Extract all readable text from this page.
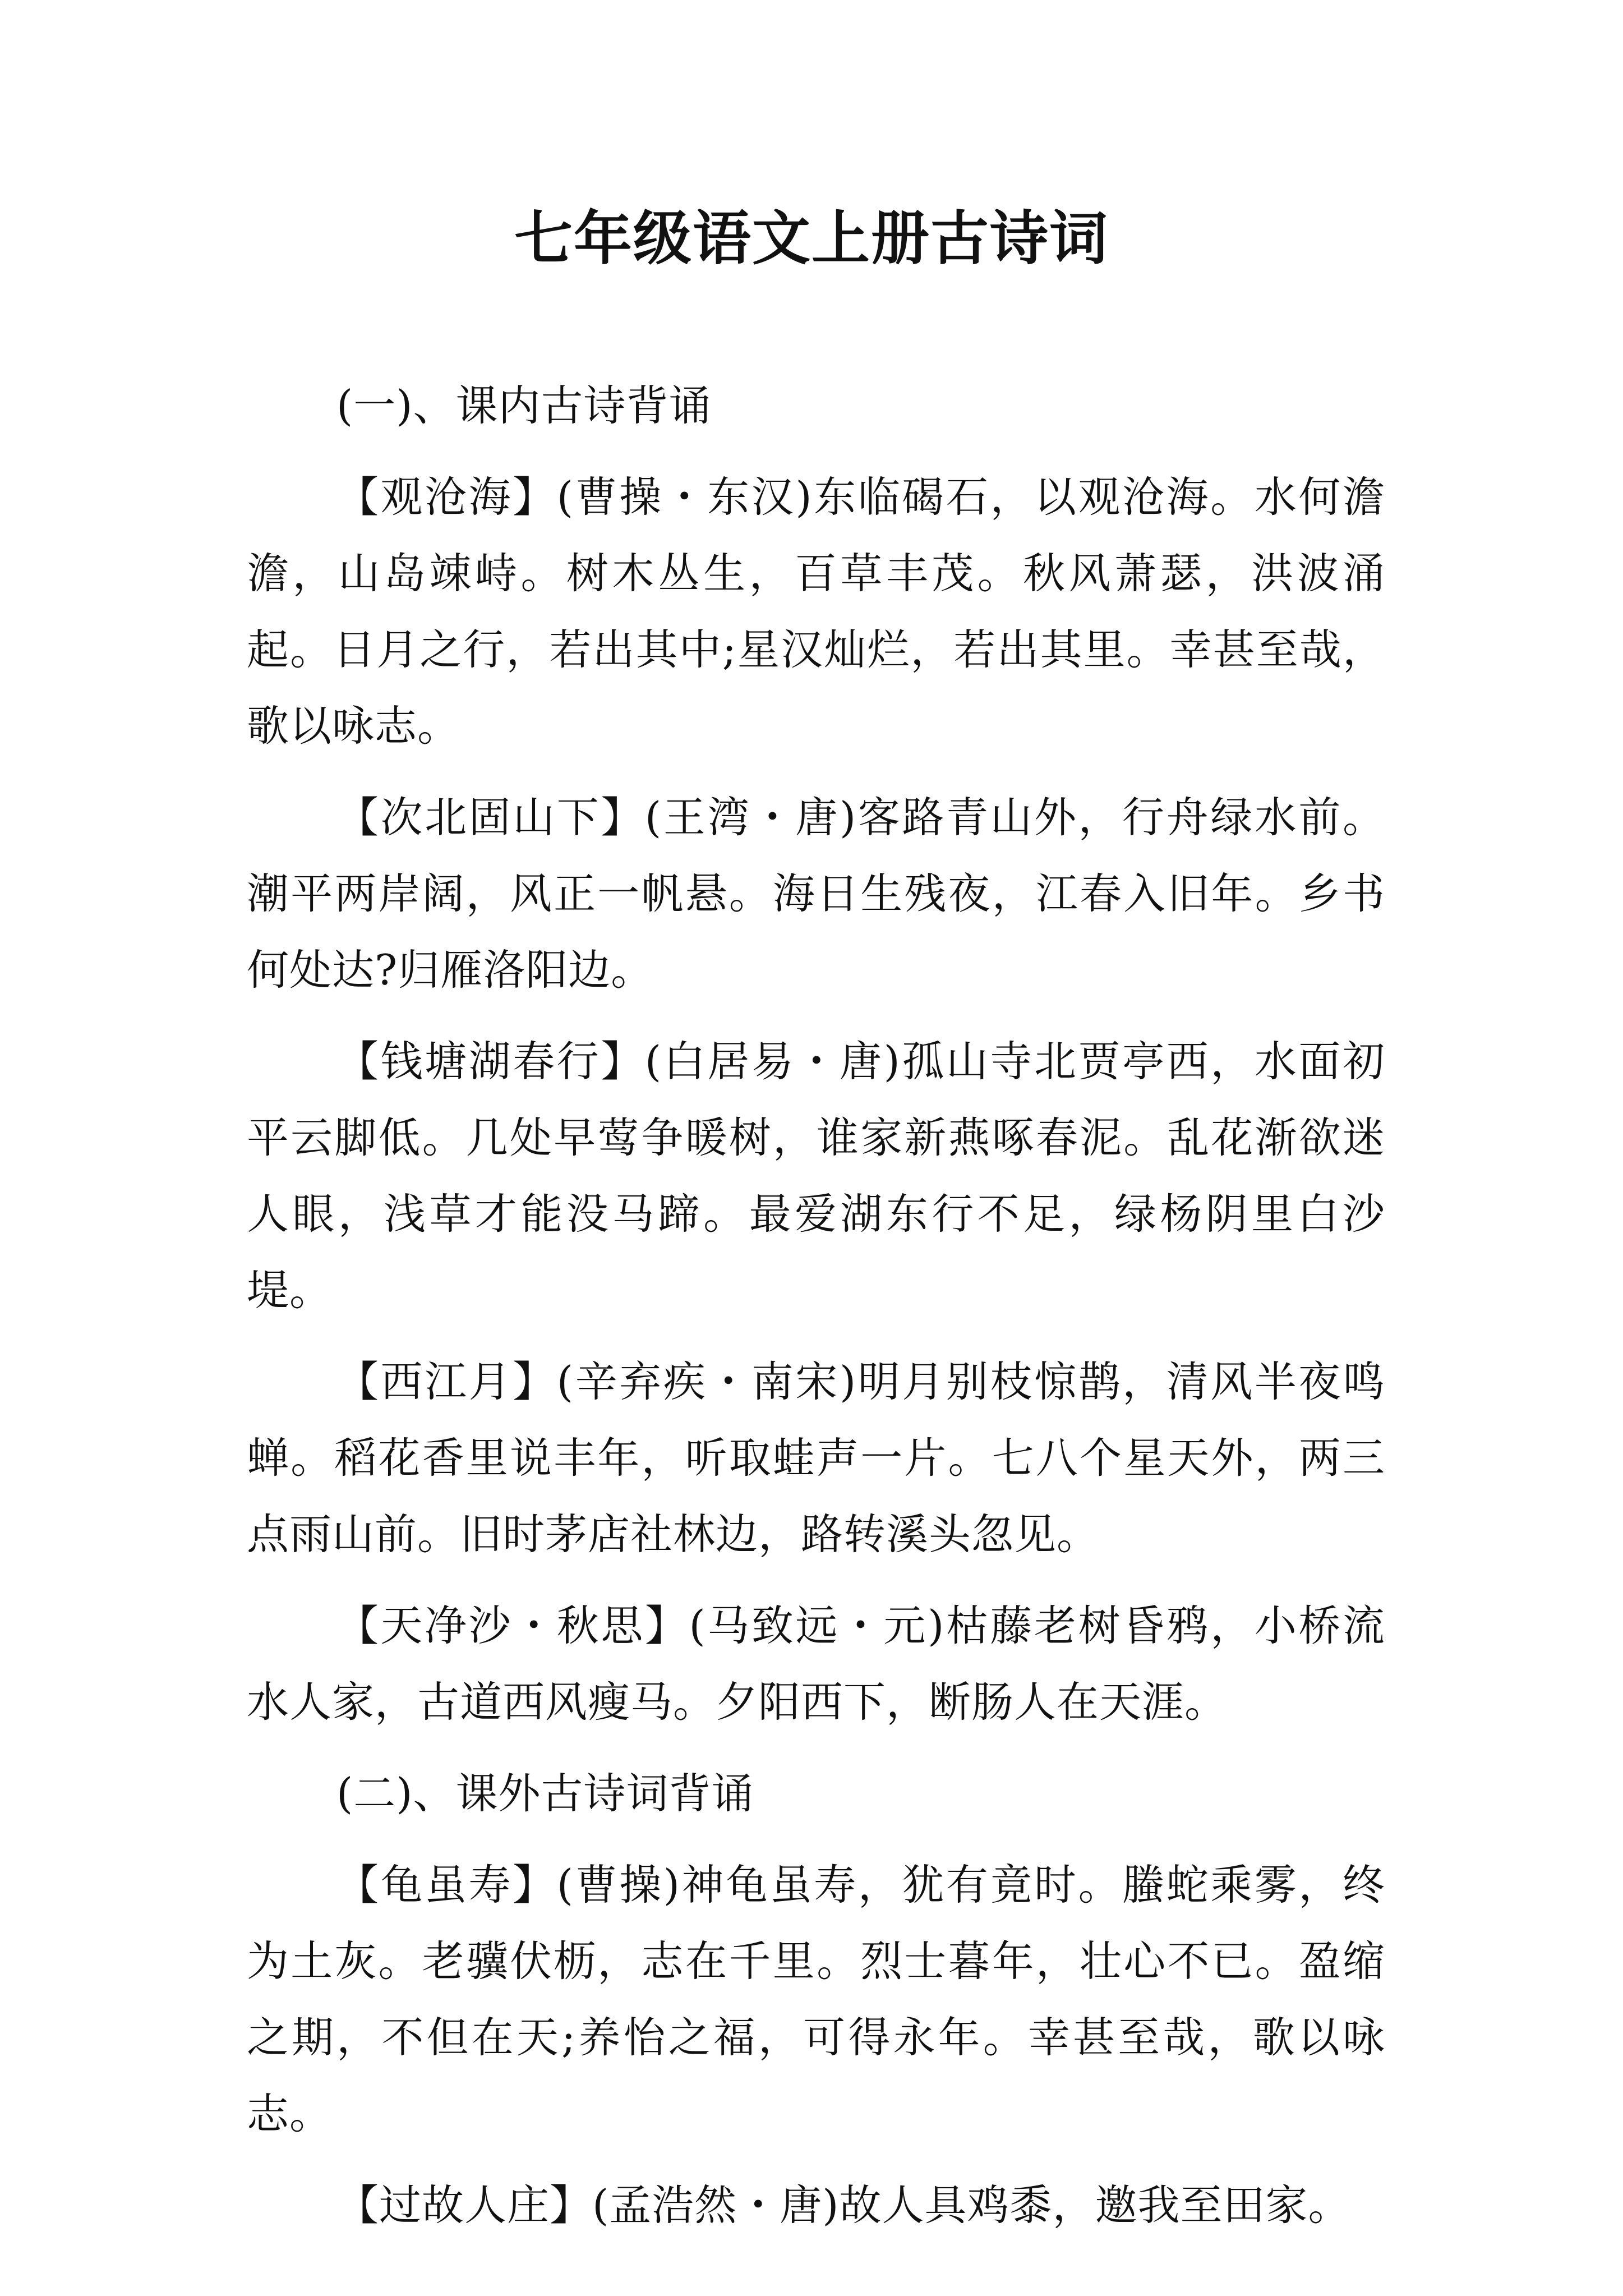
七年级语文上册古诗词

(一)、课内古诗背诵

【观沧海】(曹操・东汉)东临碣石，以观沧海。水何澹澹，山岛竦峙。树木丛生，百草丰茂。秋风萧瑟，洪波涌起。日月之行，若出其中;星汉灿烂，若出其里。幸甚至哉，歌以咏志。

【次北固山下】(王湾・唐)客路青山外，行舟绿水前。潮平两岸阔，风正一帆悬。海日生残夜，江春入旧年。乡书何处达?归雁洛阳边。

【钱塘湖春行】(白居易・唐)孤山寺北贾亭西，水面初平云脚低。几处早莺争暖树，谁家新燕啄春泥。乱花渐欲迷人眼，浅草才能没马蹄。最爱湖东行不足，绿杨阴里白沙堤。

【西江月】(辛弃疾・南宋)明月别枝惊鹊，清风半夜鸣蝉。稻花香里说丰年，听取蛙声一片。七八个星天外，两三点雨山前。旧时茅店社林边，路转溪头忽见。

【天净沙・秋思】(马致远・元)枯藤老树昏鸦，小桥流水人家，古道西风瘦马。夕阳西下，断肠人在天涯。

(二)、课外古诗词背诵

【龟虽寿】(曹操)神龟虽寿，犹有竟时。螣蛇乘雾，终为土灰。老骥伏枥，志在千里。烈士暮年，壮心不已。盈缩之期，不但在天;养怡之福，可得永年。幸甚至哉，歌以咏志。

【过故人庄】(孟浩然・唐)故人具鸡黍，邀我至田家。
